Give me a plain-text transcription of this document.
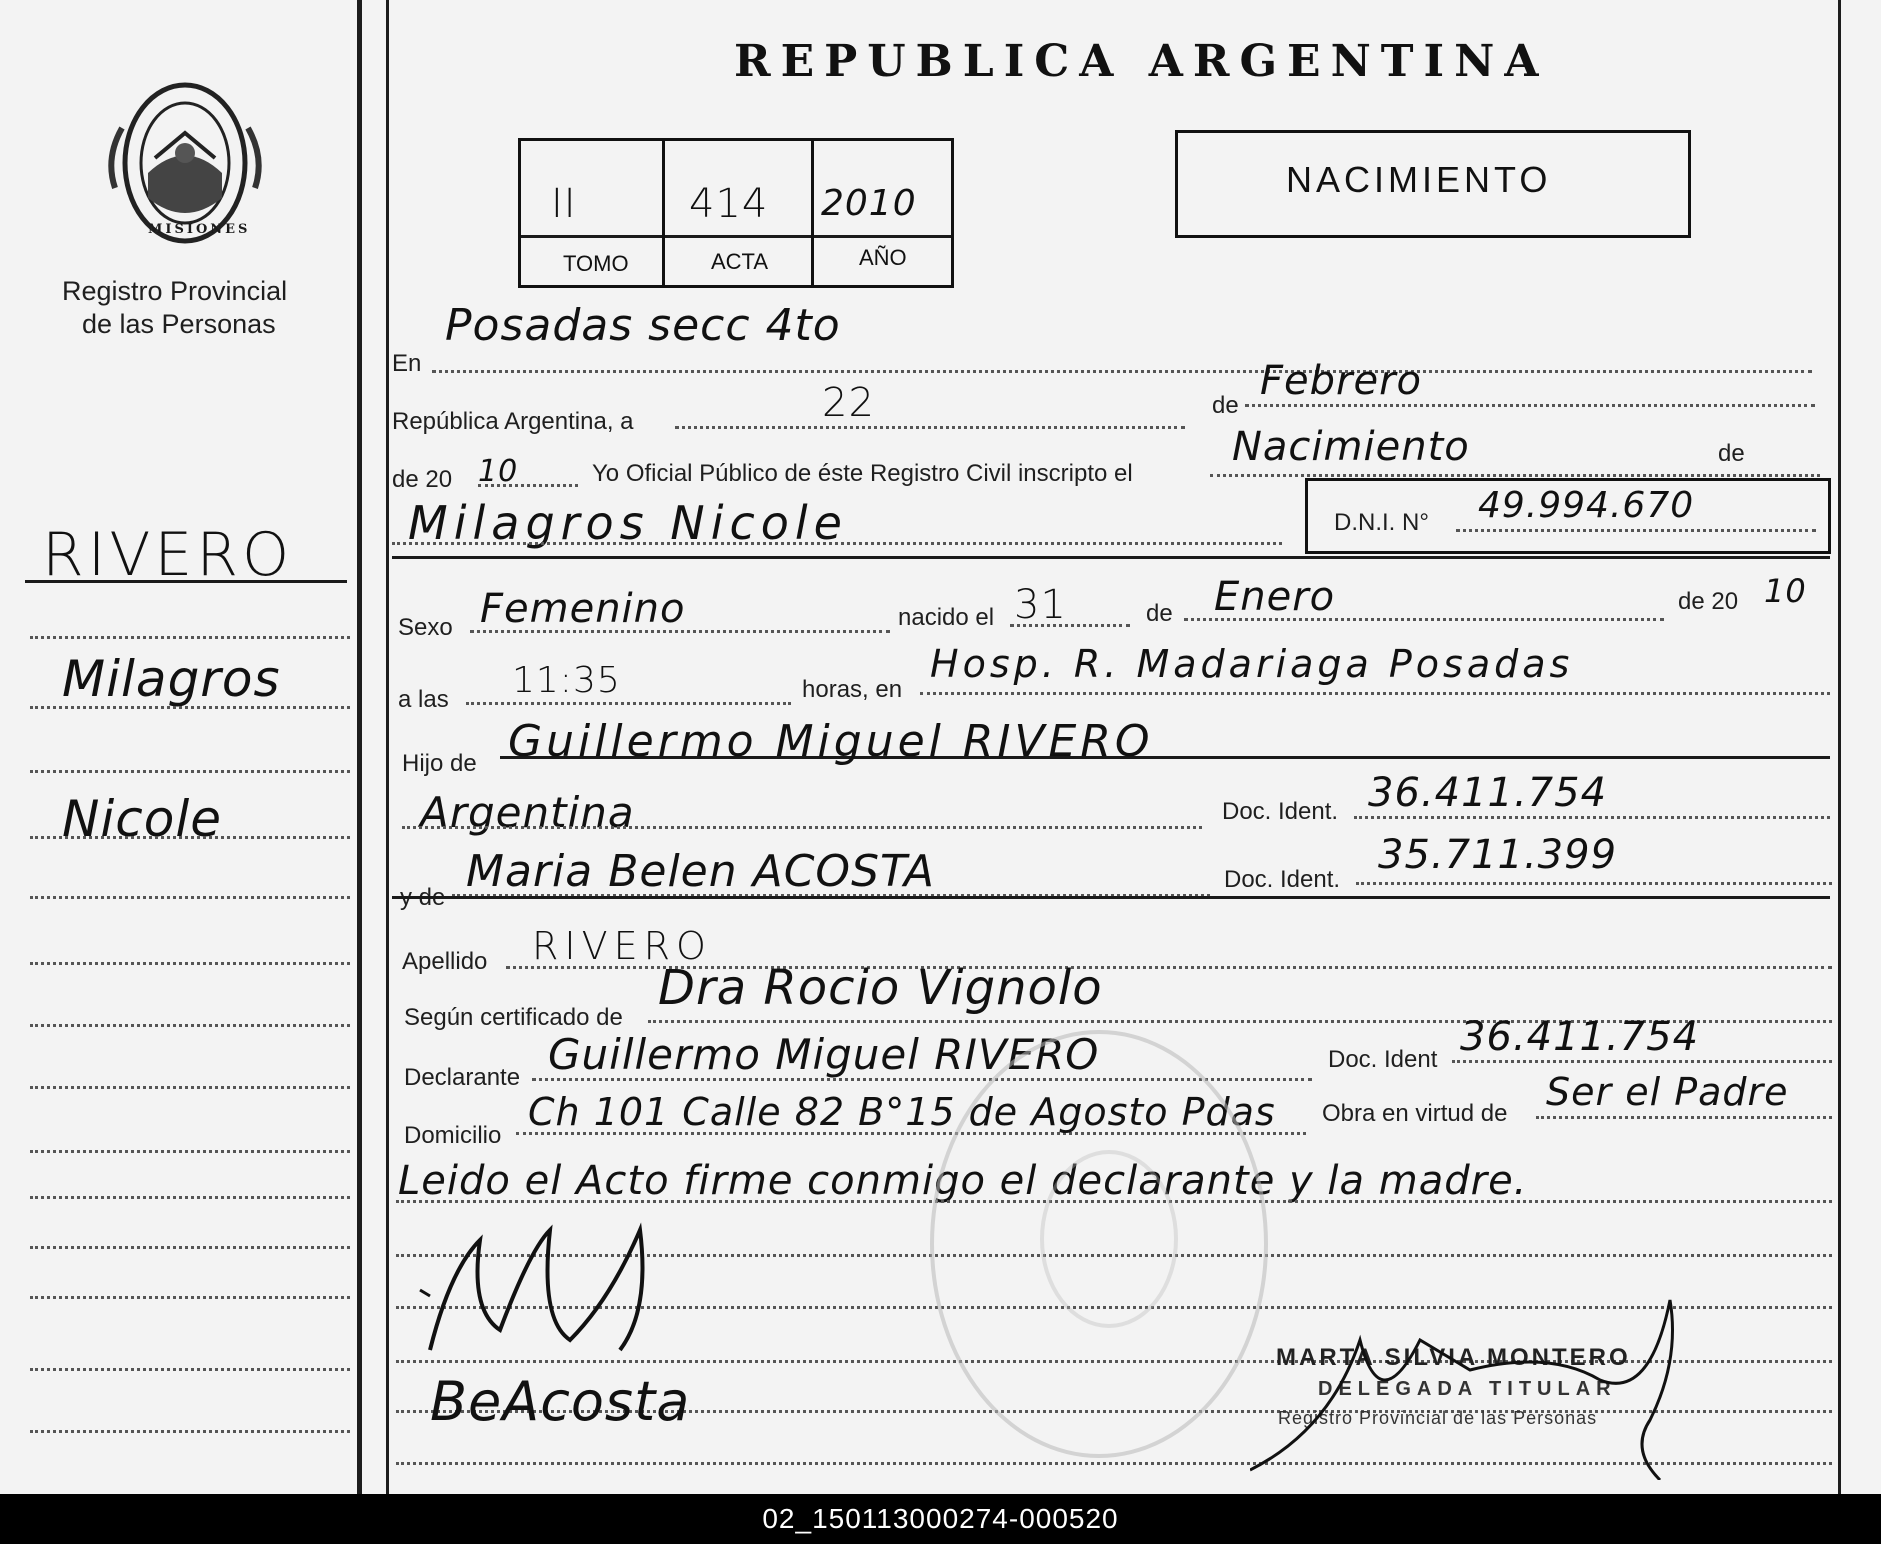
MISIONES
Registro Provincial
de las Personas
RIVERO
Milagros
Nicole
REPUBLICA ARGENTINA
II	414 2010
TOMO	ACTA	AÑO
NACIMIENTO
En
Posadas secc 4to
República Argentina, a	22	de
Febrero
de 20 10	Yo Oficial Público de éste Registro Civil inscripto el
Nacimiento	de
Milagros Nicole	D.N.I. N° 49.994.670
Sexo Femenino	nacido el 31	de Enero	de 20 10
a las 11:35	horas, en
Hosp. R. Madariaga Posadas
Hijo de Guillermo Miguel RIVERO
Argentina	Doc. Ident. 36.411.754
y de
Maria Belen ACOSTA	Doc. Ident.
35.711.399
Apellido RIVERO
Según certificado de
Dra Rocio Vignolo
Declarante Guillermo Miguel RIVERO	Doc. Ident 36.411.754
Domicilio
Ch 101 Calle 82 B°15 de Agosto Pdas Obra en virtud de Ser el Padre
Leido el Acto firme conmigo el declarante y la madre.
BeAcosta
MARTA SILVIA MONTERO
DELEGADA TITULAR
Registro Provincial de las Personas
02_150113000274-000520
